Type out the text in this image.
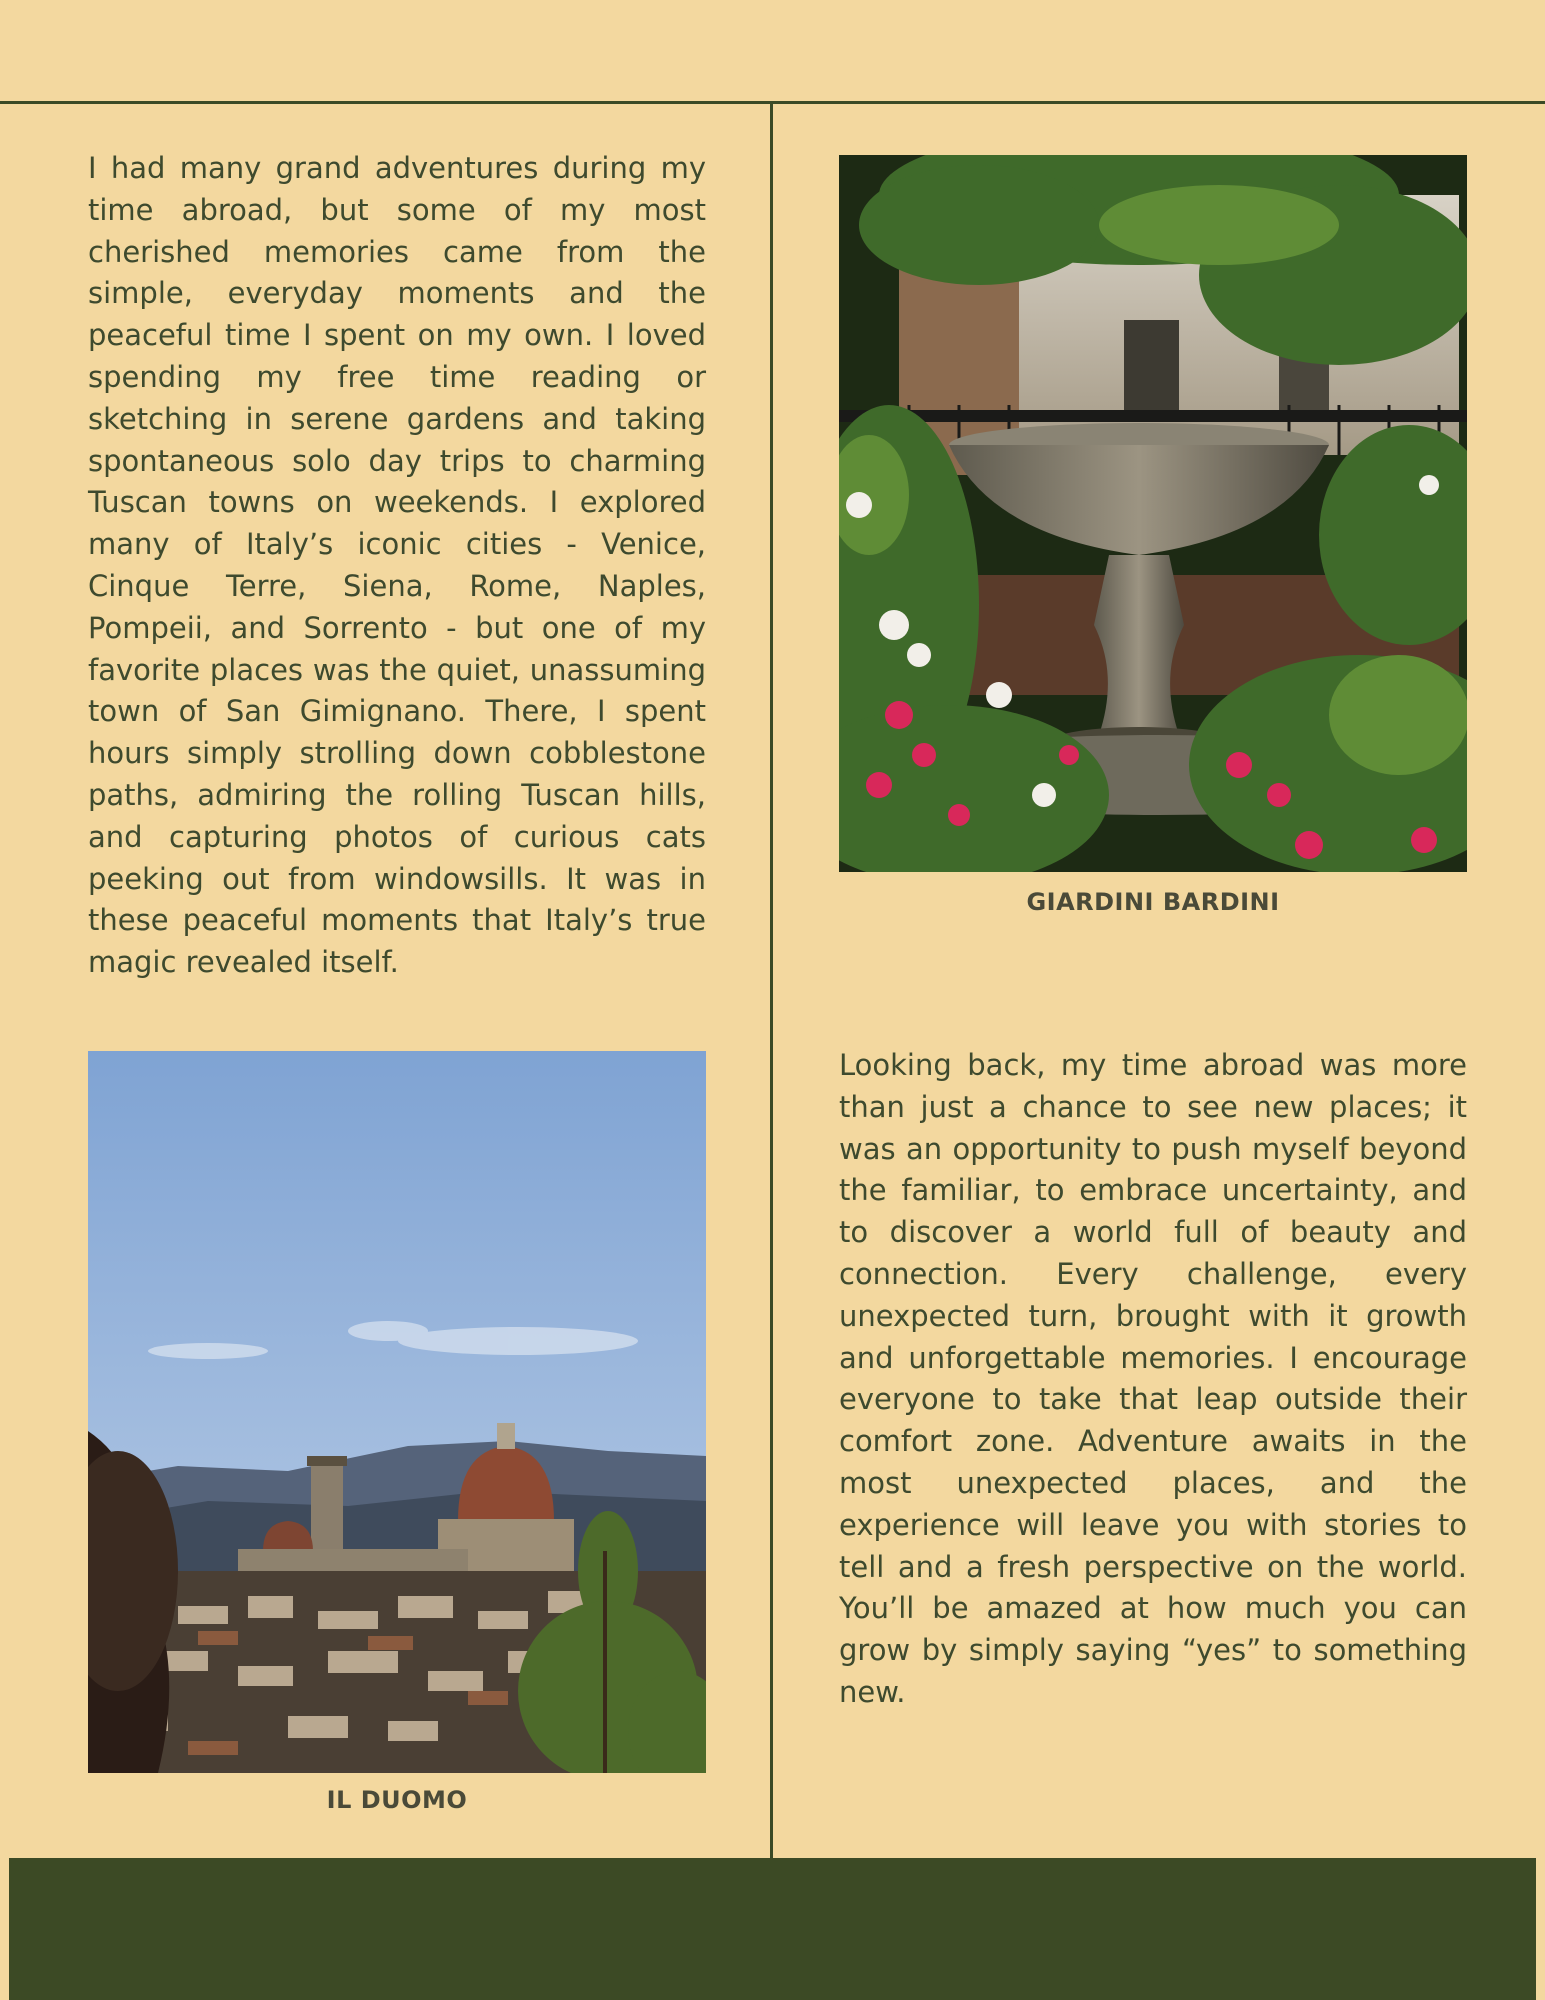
I had many grand adventures during my time abroad, but some of my most cherished memories came from the simple, everyday moments and the peaceful time I spent on my own. I loved spending my free time reading or sketching in serene gardens and taking spontaneous solo day trips to charming Tuscan towns on weekends. I explored many of Italy’s iconic cities - Venice, Cinque Terre, Siena, Rome, Naples, Pompeii, and Sorrento - but one of my favorite places was the quiet, unassuming town of San Gimignano. There, I spent hours simply strolling down cobblestone paths, admiring the rolling Tuscan hills, and capturing photos of curious cats peeking out from windowsills. It was in these peaceful moments that Italy’s true magic revealed itself.

GIARDINI BARDINI
IL DUOMO

Looking back, my time abroad was more than just a chance to see new places; it was an opportunity to push myself beyond the familiar, to embrace uncertainty, and to discover a world full of beauty and connection. Every challenge, every unexpected turn, brought with it growth and unforgettable memories. I encourage everyone to take that leap outside their comfort zone. Adventure awaits in the most unexpected places, and the experience will leave you with stories to tell and a fresh perspective on the world. You’ll be amazed at how much you can grow by simply saying “yes” to something new.
